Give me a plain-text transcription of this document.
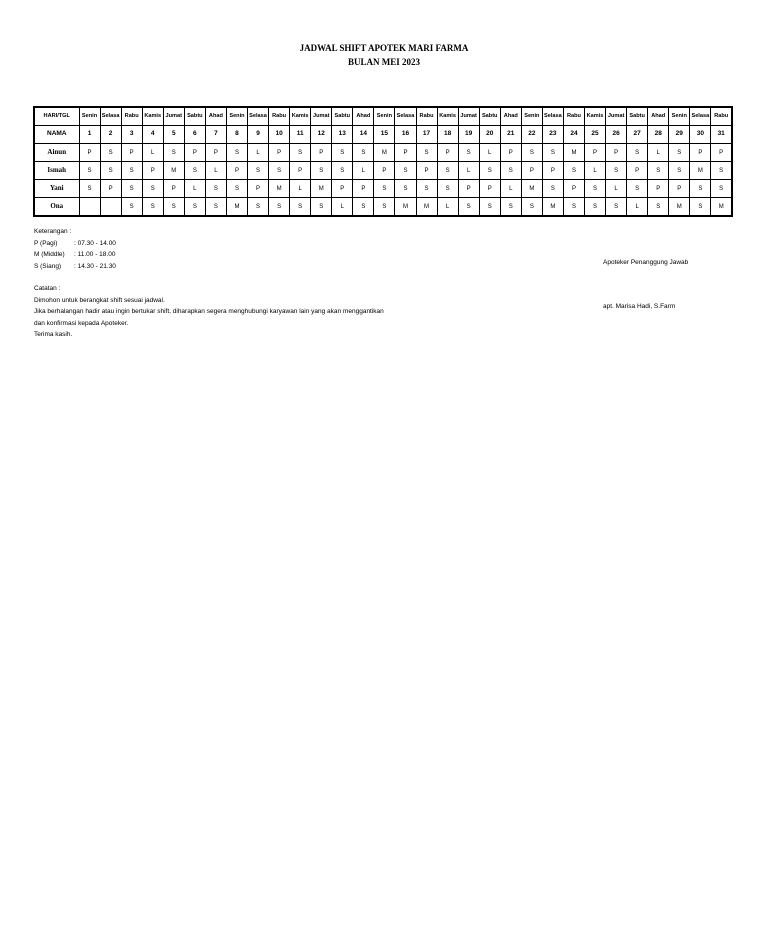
JADWAL SHIFT APOTEK MARI FARMA
BULAN MEI 2023
HARI/TGL	Senin	Selasa	Rabu	Kamis	Jumat	Sabtu	Ahad	Senin	Selasa	Rabu	Kamis	Jumat	Sabtu	Ahad	Senin	Selasa	Rabu	Kamis	Jumat	Sabtu	Ahad	Senin	Selasa	Rabu	Kamis	Jumat	Sabtu	Ahad	Senin	Selasa	Rabu
NAMA	1	2	3	4	5	6	7	8	9	10	11	12	13	14	15	16	17	18	19	20	21	22	23	24	25	26	27	28	29	30	31
Ainun	P	S	P	L	S	P	P	S	L	P	S	P	S	S	M	P	S	P	S	L	P	S	S	M	P	P	S	L	S	P	P
Ismah	S	S	S	P	M	S	L	P	S	S	P	S	S	L	P	S	P	S	L	S	S	P	P	S	L	S	P	S	S	M	S
Yani	S	P	S	S	P	L	S	S	P	M	L	M	P	P	S	S	S	S	P	P	L	M	S	P	S	L	S	P	P	S	S
Ona			S	S	S	S	S	M	S	S	S	S	L	S	S	M	M	L	S	S	S	S	M	S	S	S	L	S	M	S	M
Keterangan :
P (Pagi)	: 07.30 - 14.00
M (Middle)	: 11.00 - 18.00
S (Siang)	: 14.30 - 21.30
Catatan :
Dimohon untuk berangkat shift sesuai jadwal.
Jika berhalangan hadir atau ingin bertukar shift, diharapkan segera menghubungi karyawan lain yang akan menggantikan
dan konfirmasi kepada Apoteker.
Terima kasih.
Apoteker Penanggung Jawab
apt. Marisa Hadi, S.Farm
